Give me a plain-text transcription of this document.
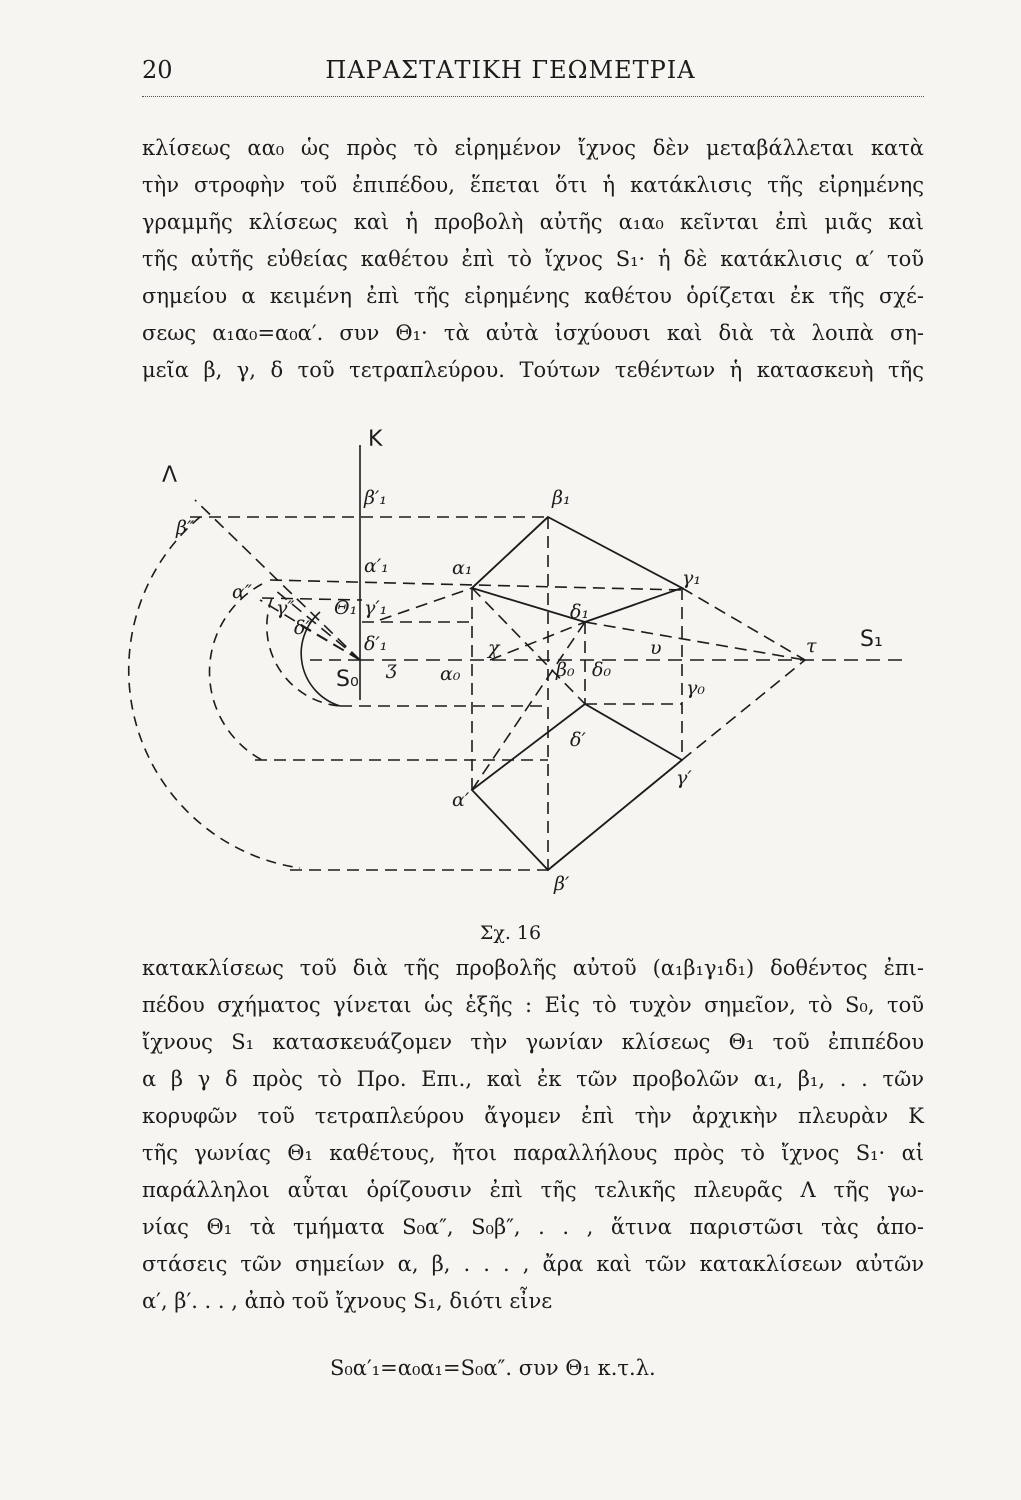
20	ΠΑΡΑΣΤΑΤΙΚΗ ΓΕΩΜΕΤΡΙΑ
κλίσεως αα₀ ὡς πρὸς τὸ εἰρημένον ἴχνος δὲν μεταβάλλεται κατὰ
τὴν στροφὴν τοῦ ἐπιπέδου, ἕπεται ὅτι ἡ κατάκλισις τῆς εἰρημένης
γραμμῆς κλίσεως καὶ ἡ προβολὴ αὐτῆς α₁α₀ κεῖνται ἐπὶ μιᾶς καὶ
τῆς αὐτῆς εὐθείας καθέτου ἐπὶ τὸ ἴχνος S₁· ἡ δὲ κατάκλισις α′ τοῦ
σημείου α κειμένη ἐπὶ τῆς εἰρημένης καθέτου ὁρίζεται ἐκ τῆς σχέ-
σεως α₁α₀=α₀α′. συν Θ₁· τὰ αὐτὰ ἰσχύουσι καὶ διὰ τὰ λοιπὰ ση-
μεῖα β, γ, δ τοῦ τετραπλεύρου. Τούτων τεθέντων ἡ κατασκευὴ τῆς
Λ
Κ
β′₁	β₁
β″
α′₁	α₁	γ₁
α″
γ″ Θ₁ γ′₁	δ₁
δ″
δ′₁	χ	υ	τ S₁
S₀ ʒ α₀	β₀ δ₀
γ₀
δ′
α′
γ′
β′
Σχ. 16
κατακλίσεως τοῦ διὰ τῆς προβολῆς αὐτοῦ (α₁β₁γ₁δ₁) δοθέντος ἐπι-
πέδου σχήματος γίνεται ὡς ἑξῆς : Εἰς τὸ τυχὸν σημεῖον, τὸ S₀, τοῦ
ἴχνους S₁ κατασκευάζομεν τὴν γωνίαν κλίσεως Θ₁ τοῦ ἐπιπέδου
α β γ δ πρὸς τὸ Προ. Επι., καὶ ἐκ τῶν προβολῶν α₁, β₁, . . τῶν
κορυφῶν τοῦ τετραπλεύρου ἄγομεν ἐπὶ τὴν ἀρχικὴν πλευρὰν Κ
τῆς γωνίας Θ₁ καθέτους, ἤτοι παραλλήλους πρὸς τὸ ἴχνος S₁· αἱ
παράλληλοι αὗται ὁρίζουσιν ἐπὶ τῆς τελικῆς πλευρᾶς Λ τῆς γω-
νίας Θ₁ τὰ τμήματα S₀α″, S₀β″, . . , ἅτινα παριστῶσι τὰς ἀπο-
στάσεις τῶν σημείων α, β, . . . , ἄρα καὶ τῶν κατακλίσεων αὐτῶν
α′, β′. . . , ἀπὸ τοῦ ἴχνους S₁, διότι εἶνε
S₀α′₁=α₀α₁=S₀α″. συν Θ₁ κ.τ.λ.
